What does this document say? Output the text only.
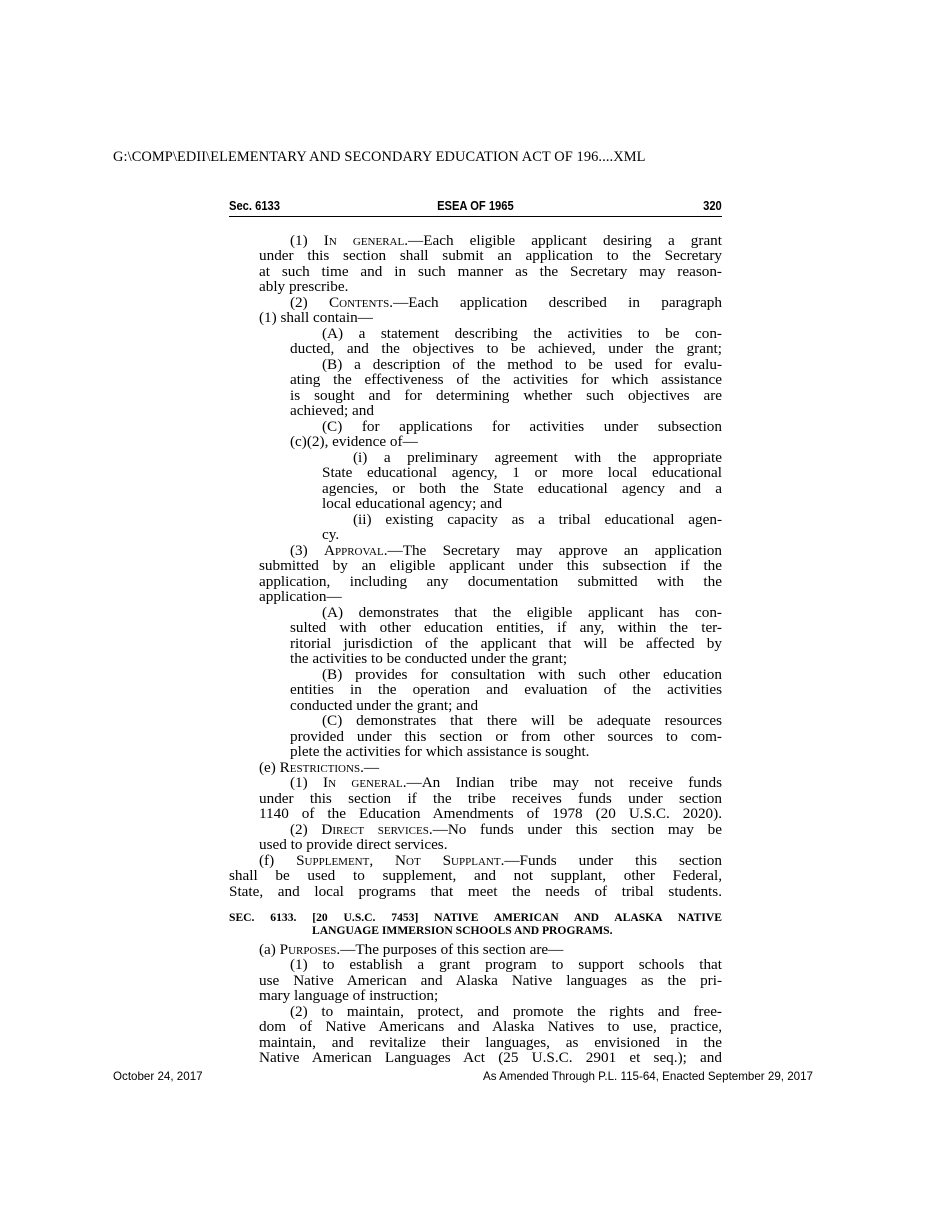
G:\COMP\EDII\ELEMENTARY AND SECONDARY EDUCATION ACT OF 196....XML
Sec. 6133	ESEA OF 1965	320
(1) In general.—Each eligible applicant desiring a grant
under this section shall submit an application to the Secretary
at such time and in such manner as the Secretary may reason-
ably prescribe.
(2) Contents.—Each application described in paragraph
(1) shall contain—
(A) a statement describing the activities to be con-
ducted, and the objectives to be achieved, under the grant;
(B) a description of the method to be used for evalu-
ating the effectiveness of the activities for which assistance
is sought and for determining whether such objectives are
achieved; and
(C) for applications for activities under subsection
(c)(2), evidence of—
(i) a preliminary agreement with the appropriate
State educational agency, 1 or more local educational
agencies, or both the State educational agency and a
local educational agency; and
(ii) existing capacity as a tribal educational agen-
cy.
(3) Approval.—The Secretary may approve an application
submitted by an eligible applicant under this subsection if the
application, including any documentation submitted with the
application—
(A) demonstrates that the eligible applicant has con-
sulted with other education entities, if any, within the ter-
ritorial jurisdiction of the applicant that will be affected by
the activities to be conducted under the grant;
(B) provides for consultation with such other education
entities in the operation and evaluation of the activities
conducted under the grant; and
(C) demonstrates that there will be adequate resources
provided under this section or from other sources to com-
plete the activities for which assistance is sought.
(e) Restrictions.—
(1) In general.—An Indian tribe may not receive funds
under this section if the tribe receives funds under section
1140 of the Education Amendments of 1978 (20 U.S.C. 2020).
(2) Direct services.—No funds under this section may be
used to provide direct services.
(f) Supplement, Not Supplant.—Funds under this section
shall be used to supplement, and not supplant, other Federal,
State, and local programs that meet the needs of tribal students.
SEC. 6133. [20 U.S.C. 7453] NATIVE AMERICAN AND ALASKA NATIVE
LANGUAGE IMMERSION SCHOOLS AND PROGRAMS.
(a) Purposes.—The purposes of this section are—
(1) to establish a grant program to support schools that
use Native American and Alaska Native languages as the pri-
mary language of instruction;
(2) to maintain, protect, and promote the rights and free-
dom of Native Americans and Alaska Natives to use, practice,
maintain, and revitalize their languages, as envisioned in the
Native American Languages Act (25 U.S.C. 2901 et seq.); and
October 24, 2017	As Amended Through P.L. 115-64, Enacted September 29, 2017
